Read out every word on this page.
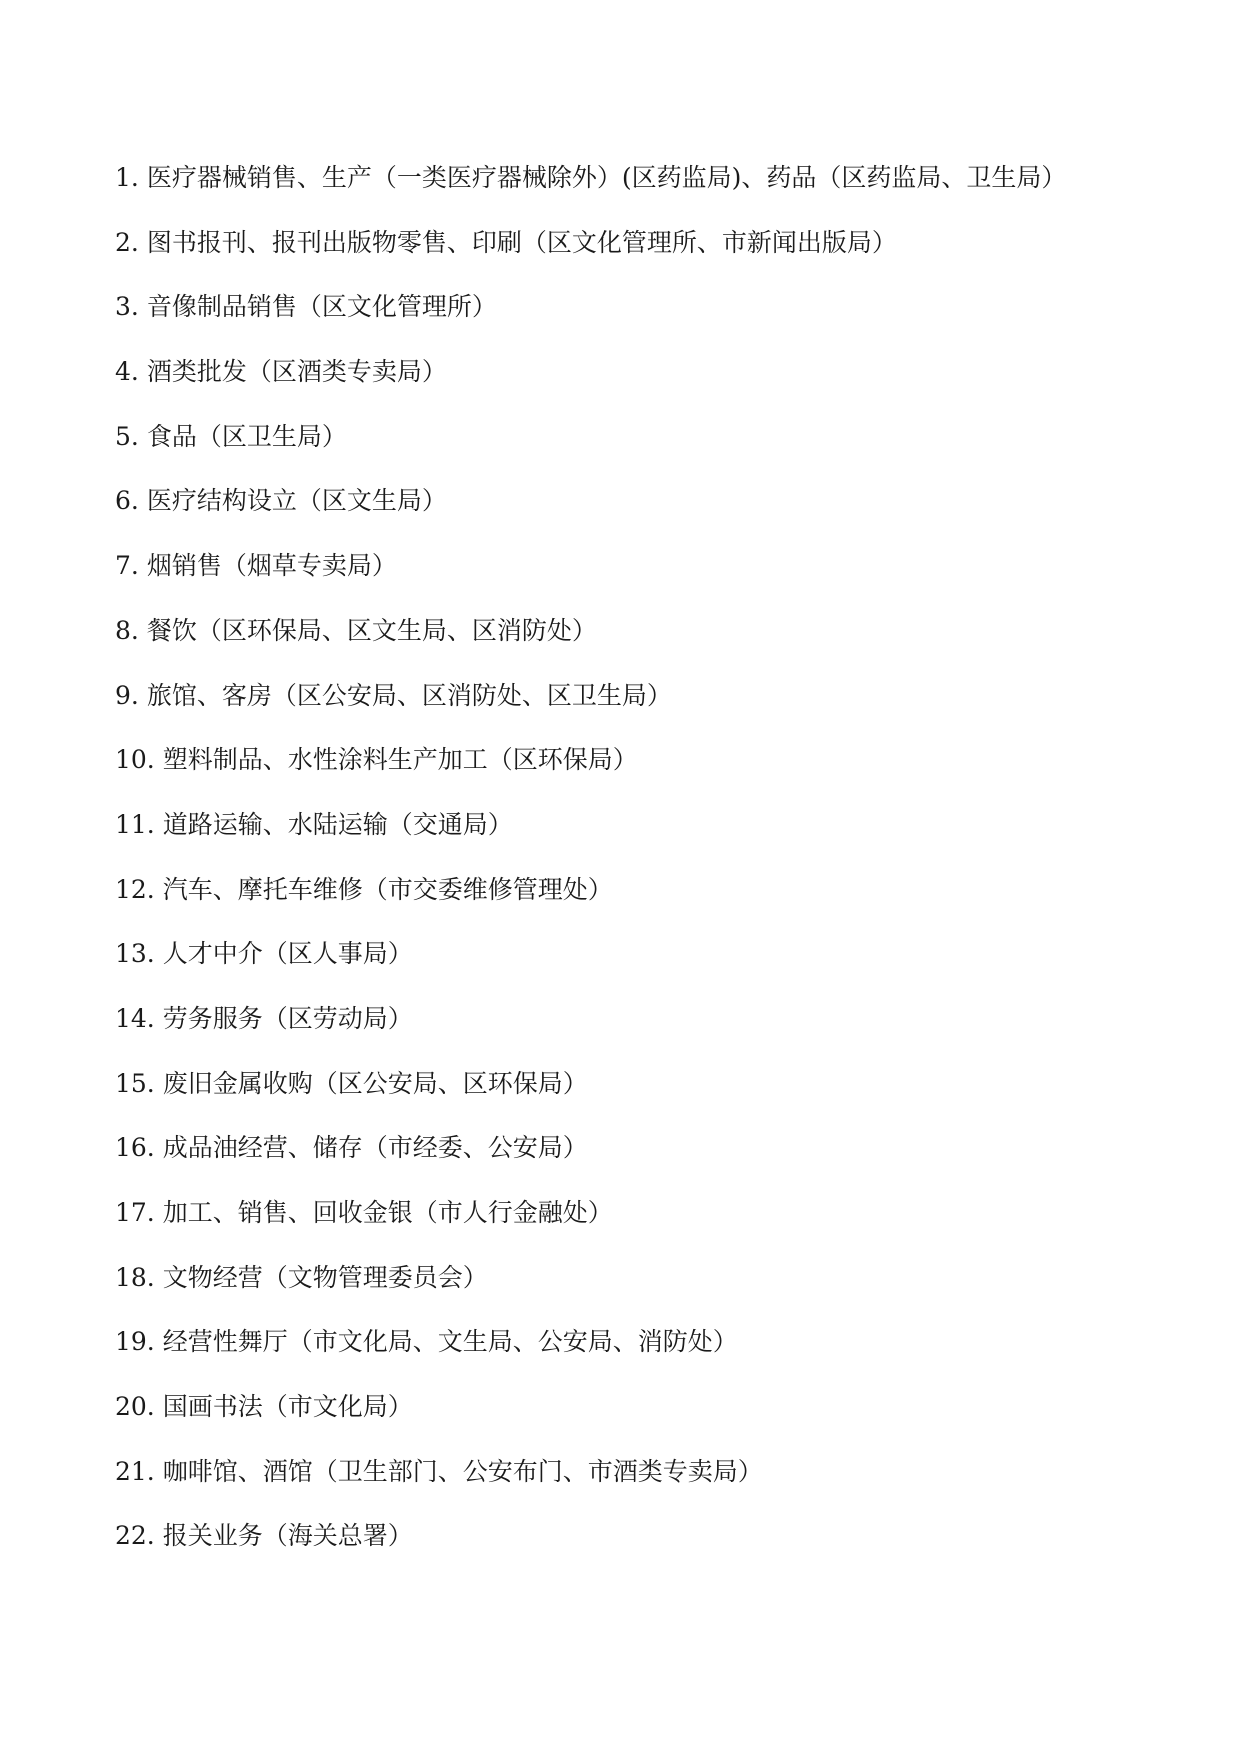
1. 医疗器械销售、生产（一类医疗器械除外）(区药监局)、药品（区药监局、卫生局）
2. 图书报刊、报刊出版物零售、印刷（区文化管理所、市新闻出版局）
3. 音像制品销售（区文化管理所）
4. 酒类批发（区酒类专卖局）
5. 食品（区卫生局）
6. 医疗结构设立（区文生局）
7. 烟销售（烟草专卖局）
8. 餐饮（区环保局、区文生局、区消防处）
9. 旅馆、客房（区公安局、区消防处、区卫生局）
10. 塑料制品、水性涂料生产加工（区环保局）
11. 道路运输、水陆运输（交通局）
12. 汽车、摩托车维修（市交委维修管理处）
13. 人才中介（区人事局）
14. 劳务服务（区劳动局）
15. 废旧金属收购（区公安局、区环保局）
16. 成品油经营、储存（市经委、公安局）
17. 加工、销售、回收金银（市人行金融处）
18. 文物经营（文物管理委员会）
19. 经营性舞厅（市文化局、文生局、公安局、消防处）
20. 国画书法（市文化局）
21. 咖啡馆、酒馆（卫生部门、公安布门、市酒类专卖局）
22. 报关业务（海关总署）
